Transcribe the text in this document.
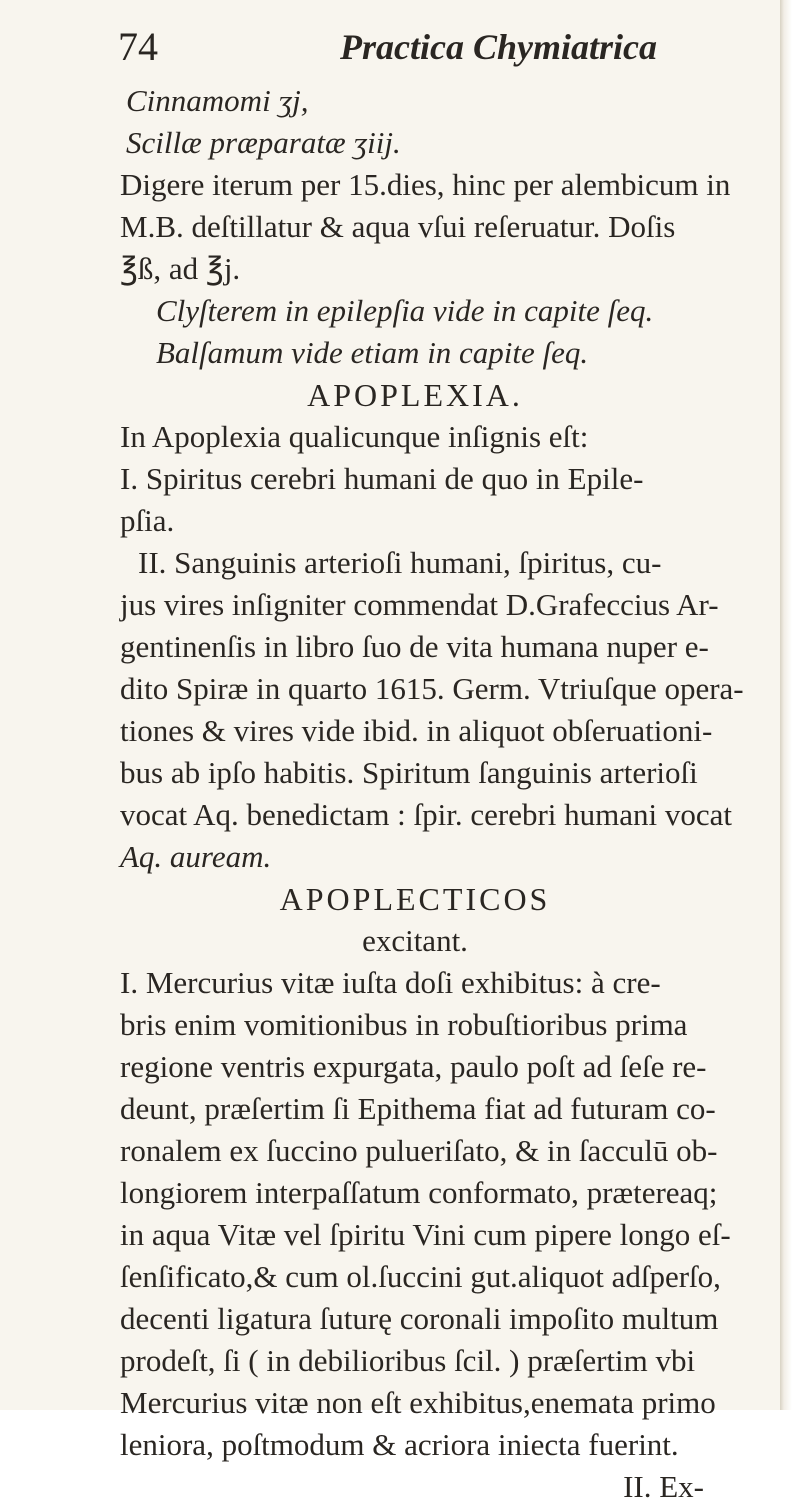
74	Practica Chymiatrica
Cinnamomi ʒj,
Scillæ præparatæ ʒiij.
Digere iterum per 15.dies, hinc per alembicum in
M.B. deſtillatur & aqua vſui reſeruatur. Doſis
℥ß, ad ℥j.
Clyſterem in epilepſia vide in capite ſeq.
Balſamum vide etiam in capite ſeq.
APOPLEXIA.
In Apoplexia qualicunque inſignis eſt:
I. Spiritus cerebri humani de quo in Epile-
pſia.
II. Sanguinis arterioſi humani, ſpiritus, cu-
jus vires inſigniter commendat D.Grafeccius Ar-
gentinenſis in libro ſuo de vita humana nuper e-
dito Spiræ in quarto 1615. Germ. Vtriuſque opera-
tiones & vires vide ibid. in aliquot obſeruationi-
bus ab ipſo habitis. Spiritum ſanguinis arterioſi
vocat Aq. benedictam : ſpir. cerebri humani vocat
Aq. auream.
APOPLECTICOS
excitant.
I. Mercurius vitæ iuſta doſi exhibitus: à cre-
bris enim vomitionibus in robuſtioribus prima
regione ventris expurgata, paulo poſt ad ſeſe re-
deunt, præſertim ſi Epithema fiat ad futuram co-
ronalem ex ſuccino pulueriſato, & in ſacculū ob-
longiorem interpaſſatum conformato, prætereaq;
in aqua Vitæ vel ſpiritu Vini cum pipere longo eſ-
ſenſificato,& cum ol.ſuccini gut.aliquot adſperſo,
decenti ligatura ſuturę coronali impoſito multum
prodeſt, ſi ( in debilioribus ſcil. ) præſertim vbi
Mercurius vitæ non eſt exhibitus,enemata primo
leniora, poſtmodum & acriora iniecta fuerint.
II. Ex-
